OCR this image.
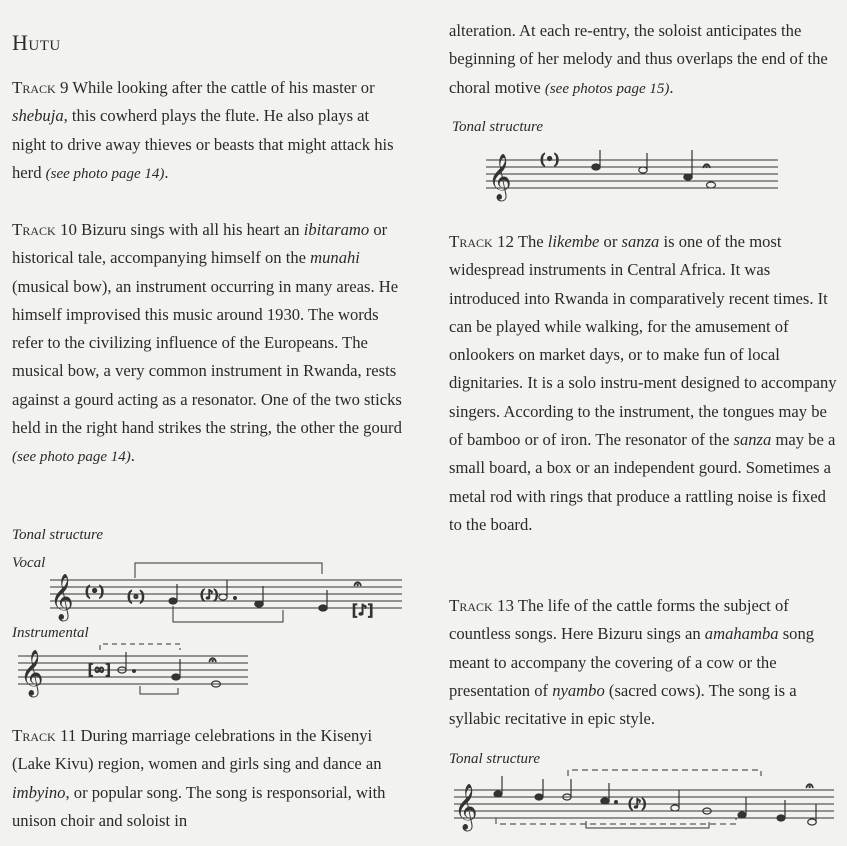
Hutu

Track 9 While looking after the cattle of his master or shebuja, this cowherd plays the flute. He also plays at night to drive away thieves or beasts that might attack his herd (see photo page 14).

Track 10 Bizuru sings with all his heart an ibitaramo or historical tale, accompanying himself on the munahi (musical bow), an instrument occurring in many areas. He himself improvised this music around 1930. The words refer to the civilizing influence of the Europeans. The musical bow, a very common instrument in Rwanda, rests against a gourd acting as a resonator. One of the two sticks held in the right hand strikes the string, the other the gourd (see photo page 14).

Tonal structure
Vocal
𝄞 (•) (∘)	(♪)
[♪]
𝄐
Instrumental
𝄞	[∞]
𝄐

Track 11 During marriage celebrations in the Kisenyi (Lake Kivu) region, women and girls sing and dance an imbyino, or popular song. The song is responsorial, with unison choir and soloist in

alteration. At each re-entry, the soloist anticipates the beginning of her melody and thus overlaps the end of the choral motive (see photos page 15).

Tonal structure
𝄞 (•)	𝄐

Track 12 The likembe or sanza is one of the most widespread instruments in Central Africa. It was introduced into Rwanda in comparatively recent times. It can be played while walking, for the amusement of onlookers on market days, or to make fun of local dignitaries. It is a solo instru-ment designed to accompany singers. According to the instrument, the tongues may be of bamboo or of iron. The resonator of the sanza may be a small board, a box or an independent gourd. Sometimes a metal rod with rings that produce a rattling noise is fixed to the board.

Track 13 The life of the cattle forms the subject of countless songs. Here Bizuru sings an amahamba song meant to accompany the covering of a cow or the presentation of nyambo (sacred cows). The song is a syllabic recitative in epic style.

Tonal structure
𝄞	(♪)
𝄐
